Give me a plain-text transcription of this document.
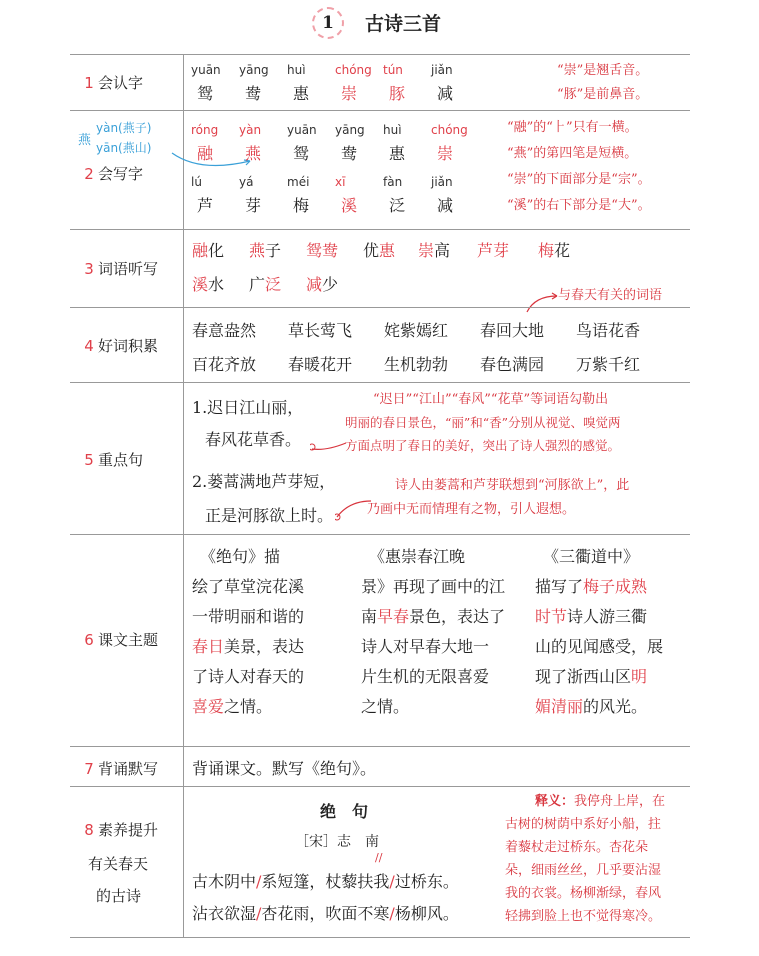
1	古诗三首
1 会认字
“崇”是翘舌音。
“豚”是前鼻音。
yuān
鸳
yāng
鸯
huì
惠
chóng
崇
tún
豚
jiǎn
减
2 会写字
燕
yàn(燕子)
yān(燕山)
“融”的“⺊”只有一横。
“燕”的第四笔是短横。
“崇”的下面部分是“宗”。
“溪”的右下部分是“大”。
róng
融
yàn
燕
yuān
鸳
yāng
鸯
huì
惠
chóng
崇
lú
芦
yá
芽
méi
梅
xī
溪
fàn
泛
jiǎn
减
3 词语听写
融化 燕子 鸳鸯 优惠 崇高 芦芽 梅花
溪水 广泛 减少
与春天有关的词语
4 好词积累
春意盎然 草长莺飞 姹紫嫣红 春回大地 鸟语花香
百花齐放 春暖花开 生机勃勃 春色满园 万紫千红
5 重点句
1.迟日江山丽，
春风花草香。
2.蒌蒿满地芦芽短，
正是河豚欲上时。
“迟日”“江山”“春风”“花草”等词语勾勒出
明丽的春日景色，“丽”和“香”分别从视觉、嗅觉两
方面点明了春日的美好，突出了诗人强烈的感觉。
诗人由蒌蒿和芦芽联想到“河豚欲上”，此
乃画中无而情理有之物，引人遐想。
6 课文主题
　《绝句》描
绘了草堂浣花溪
一带明丽和谐的
春日美景，表达
了诗人对春天的
喜爱之情。
　《惠崇春江晚
景》再现了画中的江
南早春景色，表达了
诗人对早春大地一
片生机的无限喜爱
之情。
　《三衢道中》
描写了梅子成熟
时节诗人游三衢
山的见闻感受，展
现了浙西山区明
媚清丽的风光。
7 背诵默写	背诵课文。默写《绝句》。
8 素养提升
有关春天
的古诗
绝　句
［宋］志　南
//
古木阴中/系短篷，杖藜扶我/过桥东。
沾衣欲湿/杏花雨，吹面不寒/杨柳风。
释义：我停舟上岸，在
古树的树荫中系好小船，拄
着藜杖走过桥东。杏花朵
朵，细雨丝丝，几乎要沾湿
我的衣裳。杨柳渐绿，春风
轻拂到脸上也不觉得寒冷。
